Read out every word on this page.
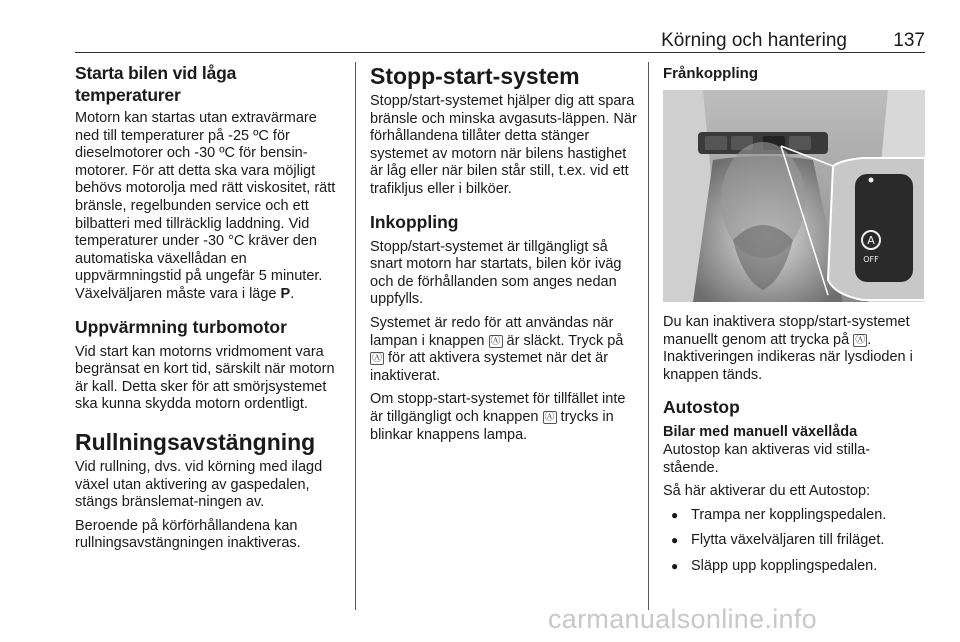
Körning och hantering 137
Starta bilen vid låga temperaturer

Motorn kan startas utan extravärmare ned till temperaturer på -25 ºC för dieselmotorer och -30 ºC för bensin-motorer. För att detta ska vara möjligt behövs motorolja med rätt viskositet, rätt bränsle, regelbunden service och ett bilbatteri med tillräcklig laddning. Vid temperaturer under -30 °C kräver den automatiska växellådan en uppvärmningstid på ungefär 5 minuter. Växelväljaren måste vara i läge P.

Uppvärmning turbomotor

Vid start kan motorns vridmoment vara begränsat en kort tid, särskilt när motorn är kall. Detta sker för att smörjsystemet ska kunna skydda motorn ordentligt.

Rullningsavstängning

Vid rullning, dvs. vid körning med ilagd växel utan aktivering av gaspedalen, stängs bränslemat-ningen av.

Beroende på körförhållandena kan rullningsavstängningen inaktiveras.

Stopp-start-system

Stopp/start-systemet hjälper dig att spara bränsle och minska avgasuts-läppen. När förhållandena tillåter detta stänger systemet av motorn när bilens hastighet är låg eller när bilen står still, t.ex. vid ett trafikljus eller i bilköer.

Inkoppling

Stopp/start-systemet är tillgängligt så snart motorn har startats, bilen kör iväg och de förhållanden som anges nedan uppfylls.

Systemet är redo för att användas när lampan i knappen Ⓐ är släckt. Tryck på Ⓐ för att aktivera systemet när det är inaktiverat.

Om stopp-start-systemet för tillfället inte är tillgängligt och knappen Ⓐ trycks in blinkar knappens lampa.

Frånkoppling
A
OFF

Du kan inaktivera stopp/start-systemet manuellt genom att trycka på Ⓐ . Inaktiveringen indikeras när lysdioden i knappen tänds.

Autostop
Bilar med manuell växellåda

Autostop kan aktiveras vid stilla-stående.

Så här aktiverar du ett Autostop:

● Trampa ner kopplingspedalen.
● Flytta växelväljaren till friläget.
● Släpp upp kopplingspedalen.
carmanualsonline.info
